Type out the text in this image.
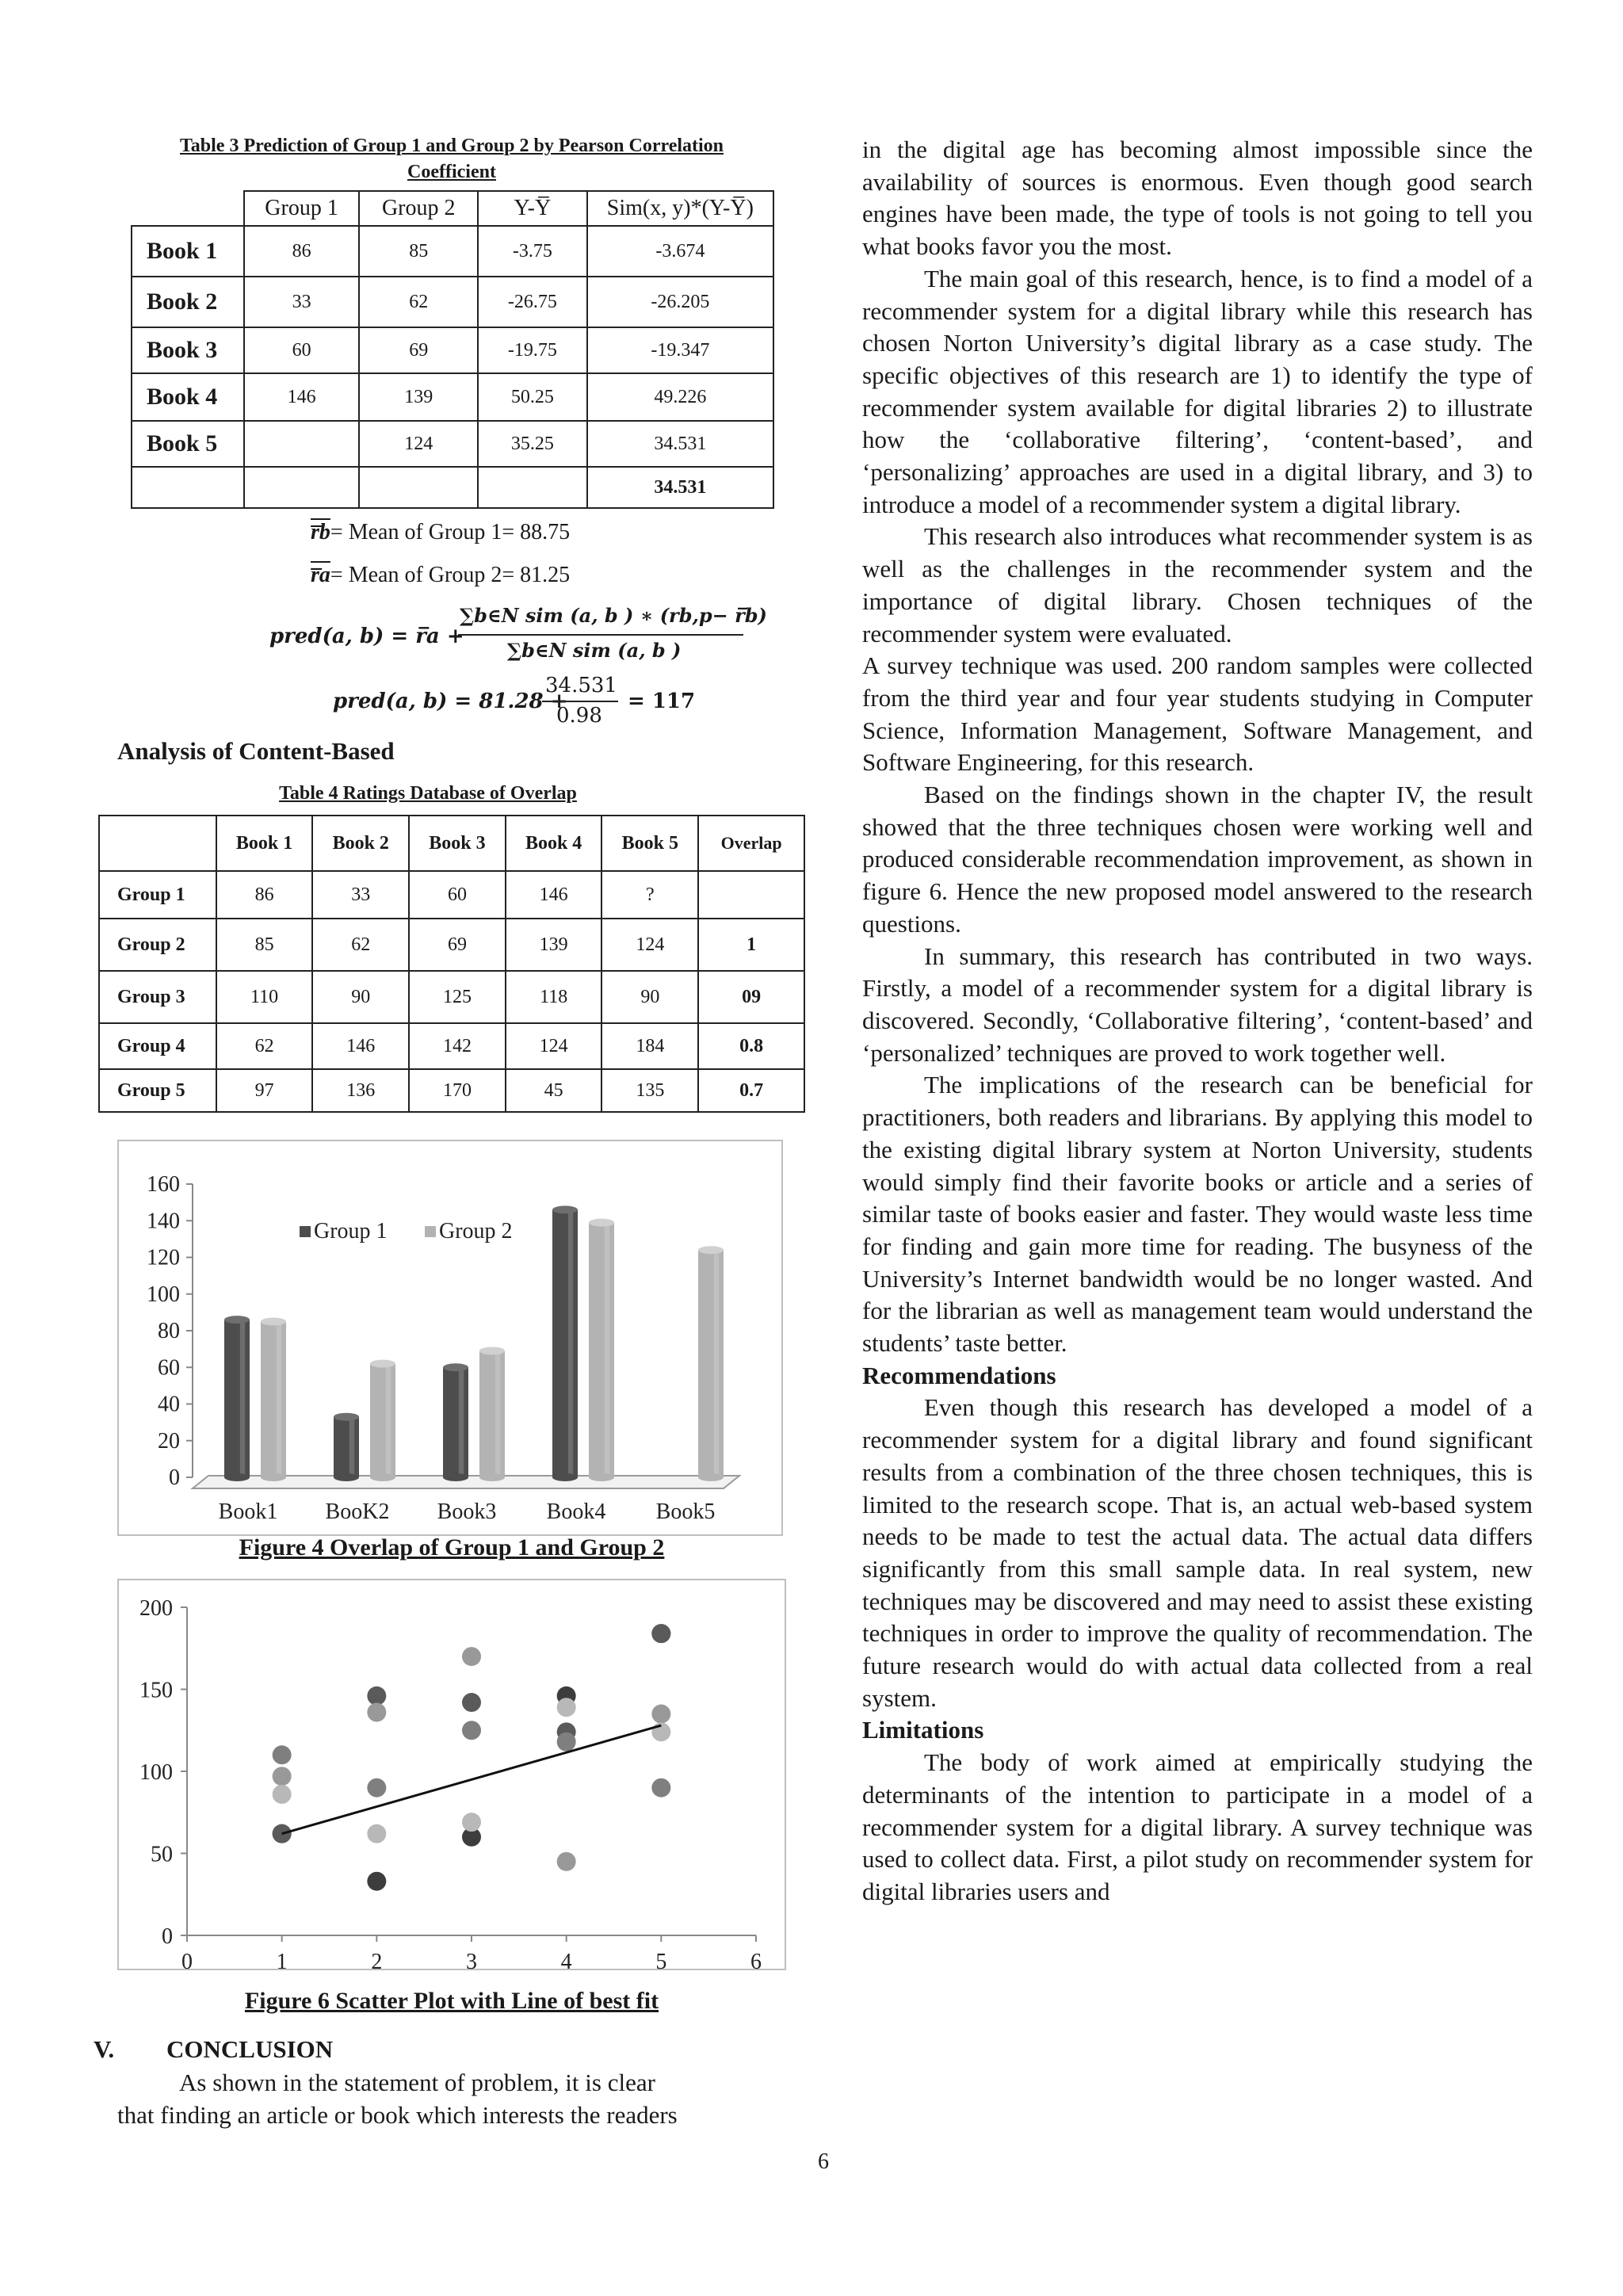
Table 3 Prediction of Group 1 and Group 2 by Pearson Correlation
Coefficient
	Group 1	Group 2	Y-Y̅	Sim(x, y)*(Y-Y̅)
Book 1	86	85	-3.75	-3.674
Book 2	33	62	-26.75	-26.205
Book 3	60	69	-19.75	-19.347
Book 4	146	139	50.25	49.226
Book 5		124	35.25	34.531
				34.531
r̅b= Mean of Group 1= 88.75
r̅a= Mean of Group 2= 81.25
pred(a, b) = r̅a +
∑b∈N sim (a, b ) ∗ (rb,p− r̅b)
∑b∈N sim (a, b )
pred(a, b) = 81.28 +
34.531
0.98
= 117
Analysis of Content-Based
Table 4 Ratings Database of Overlap
	Book 1	Book 2	Book 3	Book 4	Book 5	Overlap
Group 1	86	33	60	146	?	
Group 2	85	62	69	139	124	1
Group 3	110	90	125	118	90	09
Group 4	62	146	142	124	184	0.8
Group 5	97	136	170	45	135	0.7
0
20
40
60
80
100
120
140
160
Book1 BooK2 Book3 Book4 Book5
Group 1 Group 2
Figure 4 Overlap of Group 1 and Group 2
0
50
100
150
200
0	1	2	3	4	5	6
Figure 6 Scatter Plot with Line of best fit
V. CONCLUSION

As shown in the statement of problem, it is clear

that finding an article or book which interests the readers

in the digital age has becoming almost impossible since the availability of sources is enormous. Even though good search engines have been made, the type of tools is not going to tell you what books favor you the most.

The main goal of this research, hence, is to find a model of a recommender system for a digital library while this research has chosen Norton University’s digital library as a case study. The specific objectives of this research are 1) to identify the type of recommender system available for digital libraries 2) to illustrate how the ‘collaborative filtering’, ‘content-based’, and ‘personalizing’ approaches are used in a digital library, and 3) to introduce a model of a recommender system a digital library.

This research also introduces what recommender system is as well as the challenges in the recommender system and the importance of digital library. Chosen techniques of the recommender system were evaluated.

A survey technique was used. 200 random samples were collected from the third year and four year students studying in Computer Science, Information Management, Software Management, and Software Engineering, for this research.

Based on the findings shown in the chapter IV, the result showed that the three techniques chosen were working well and produced considerable recommendation improvement, as shown in figure 6. Hence the new proposed model answered to the research questions.

In summary, this research has contributed in two ways. Firstly, a model of a recommender system for a digital library is discovered. Secondly, ‘Collaborative filtering’, ‘content-based’ and ‘personalized’ techniques are proved to work together well.

The implications of the research can be beneficial for practitioners, both readers and librarians. By applying this model to the existing digital library system at Norton University, students would simply find their favorite books or article and a series of similar taste of books easier and faster. They would waste less time for finding and gain more time for reading. The busyness of the University’s Internet bandwidth would be no longer wasted. And for the librarian as well as management team would understand the students’ taste better.

Recommendations

Even though this research has developed a model of a recommender system for a digital library and found significant results from a combination of the three chosen techniques, this is limited to the research scope. That is, an actual web-based system needs to be made to test the actual data. The actual data differs significantly from this small sample data. In real system, new techniques may be discovered and may need to assist these existing techniques in order to improve the quality of recommendation. The future research would do with actual data collected from a real system.

Limitations

The body of work aimed at empirically studying the determinants of the intention to participate in a model of a recommender system for a digital library. A survey technique was used to collect data. First, a pilot study on recommender system for digital libraries users and

6
